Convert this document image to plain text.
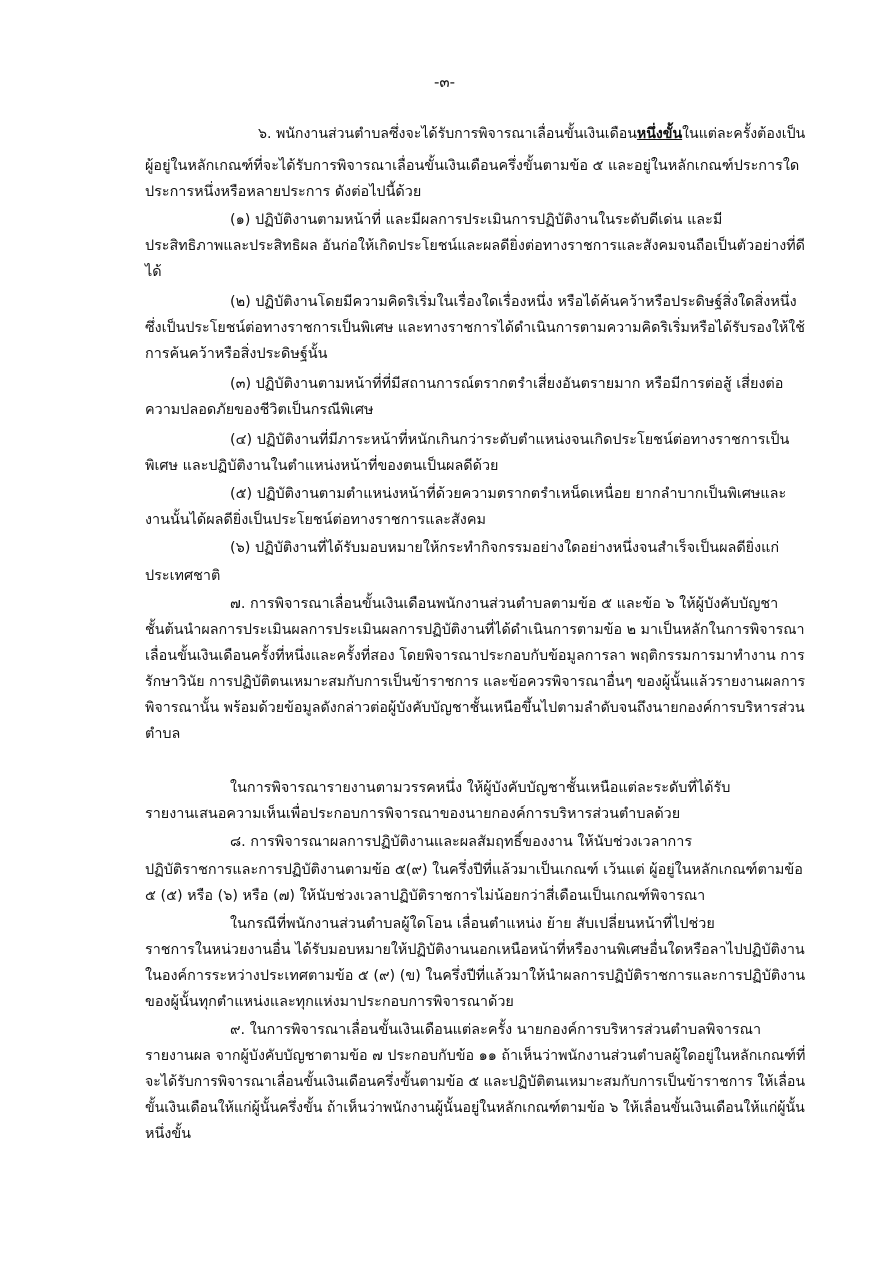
-๓-
๖. พนักงานส่วนตำบลซึ่งจะได้รับการพิจารณาเลื่อนขั้นเงินเดือนหนึ่งขั้นในแต่ละครั้งต้องเป็น
ผู้อยู่ในหลักเกณฑ์ที่จะได้รับการพิจารณาเลื่อนขั้นเงินเดือนครึ่งขั้นตามข้อ ๕ และอยู่ในหลักเกณฑ์ประการใด
ประการหนึ่งหรือหลายประการ ดังต่อไปนี้ด้วย
(๑) ปฏิบัติงานตามหน้าที่ และมีผลการประเมินการปฏิบัติงานในระดับดีเด่น และมี
ประสิทธิภาพและประสิทธิผล อันก่อให้เกิดประโยชน์และผลดียิ่งต่อทางราชการและสังคมจนถือเป็นตัวอย่างที่ดี
ได้
(๒) ปฏิบัติงานโดยมีความคิดริเริ่มในเรื่องใดเรื่องหนึ่ง หรือได้ค้นคว้าหรือประดิษฐ์สิ่งใดสิ่งหนึ่ง
ซึ่งเป็นประโยชน์ต่อทางราชการเป็นพิเศษ และทางราชการได้ดำเนินการตามความคิดริเริ่มหรือได้รับรองให้ใช้
การค้นคว้าหรือสิ่งประดิษฐ์นั้น
(๓) ปฏิบัติงานตามหน้าที่ที่มีสถานการณ์ตรากตรำเสี่ยงอันตรายมาก หรือมีการต่อสู้ เสี่ยงต่อ
ความปลอดภัยของชีวิตเป็นกรณีพิเศษ
(๔) ปฏิบัติงานที่มีภาระหน้าที่หนักเกินกว่าระดับตำแหน่งจนเกิดประโยชน์ต่อทางราชการเป็น
พิเศษ และปฏิบัติงานในตำแหน่งหน้าที่ของตนเป็นผลดีด้วย
(๕) ปฏิบัติงานตามตำแหน่งหน้าที่ด้วยความตรากตรำเหน็ดเหนื่อย ยากลำบากเป็นพิเศษและ
งานนั้นได้ผลดียิ่งเป็นประโยชน์ต่อทางราชการและสังคม
(๖) ปฏิบัติงานที่ได้รับมอบหมายให้กระทำกิจกรรมอย่างใดอย่างหนึ่งจนสำเร็จเป็นผลดียิ่งแก่
ประเทศชาติ
๗. การพิจารณาเลื่อนขั้นเงินเดือนพนักงานส่วนตำบลตามข้อ ๕ และข้อ ๖ ให้ผู้บังคับบัญชา
ชั้นต้นนำผลการประเมินผลการประเมินผลการปฏิบัติงานที่ได้ดำเนินการตามข้อ ๒ มาเป็นหลักในการพิจารณา
เลื่อนขั้นเงินเดือนครั้งที่หนึ่งและครั้งที่สอง โดยพิจารณาประกอบกับข้อมูลการลา พฤติกรรมการมาทำงาน การ
รักษาวินัย การปฏิบัติตนเหมาะสมกับการเป็นข้าราชการ และข้อควรพิจารณาอื่นๆ ของผู้นั้นแล้วรายงานผลการ
พิจารณานั้น พร้อมด้วยข้อมูลดังกล่าวต่อผู้บังคับบัญชาชั้นเหนือขึ้นไปตามลำดับจนถึงนายกองค์การบริหารส่วน
ตำบล
ในการพิจารณารายงานตามวรรคหนึ่ง ให้ผู้บังคับบัญชาชั้นเหนือแต่ละระดับที่ได้รับ
รายงานเสนอความเห็นเพื่อประกอบการพิจารณาของนายกองค์การบริหารส่วนตำบลด้วย
๘. การพิจารณาผลการปฏิบัติงานและผลสัมฤทธิ์ของงาน ให้นับช่วงเวลาการ
ปฏิบัติราชการและการปฏิบัติงานตามข้อ ๕(๙) ในครึ่งปีที่แล้วมาเป็นเกณฑ์ เว้นแต่ ผู้อยู่ในหลักเกณฑ์ตามข้อ
๕ (๕) หรือ (๖) หรือ (๗) ให้นับช่วงเวลาปฏิบัติราชการไม่น้อยกว่าสี่เดือนเป็นเกณฑ์พิจารณา
ในกรณีที่พนักงานส่วนตำบลผู้ใดโอน เลื่อนตำแหน่ง ย้าย สับเปลี่ยนหน้าที่ไปช่วย
ราชการในหน่วยงานอื่น ได้รับมอบหมายให้ปฏิบัติงานนอกเหนือหน้าที่หรืองานพิเศษอื่นใดหรือลาไปปฏิบัติงาน
ในองค์การระหว่างประเทศตามข้อ ๕ (๙) (ข) ในครึ่งปีที่แล้วมาให้นำผลการปฏิบัติราชการและการปฏิบัติงาน
ของผู้นั้นทุกตำแหน่งและทุกแห่งมาประกอบการพิจารณาด้วย
๙. ในการพิจารณาเลื่อนขั้นเงินเดือนแต่ละครั้ง นายกองค์การบริหารส่วนตำบลพิจารณา
รายงานผล จากผู้บังคับบัญชาตามข้อ ๗ ประกอบกับข้อ ๑๑ ถ้าเห็นว่าพนักงานส่วนตำบลผู้ใดอยู่ในหลักเกณฑ์ที่
จะได้รับการพิจารณาเลื่อนขั้นเงินเดือนครึ่งขั้นตามข้อ ๕ และปฏิบัติตนเหมาะสมกับการเป็นข้าราชการ ให้เลื่อน
ขั้นเงินเดือนให้แก่ผู้นั้นครึ่งขั้น ถ้าเห็นว่าพนักงานผู้นั้นอยู่ในหลักเกณฑ์ตามข้อ ๖ ให้เลื่อนขั้นเงินเดือนให้แก่ผู้นั้น
หนึ่งขั้น
